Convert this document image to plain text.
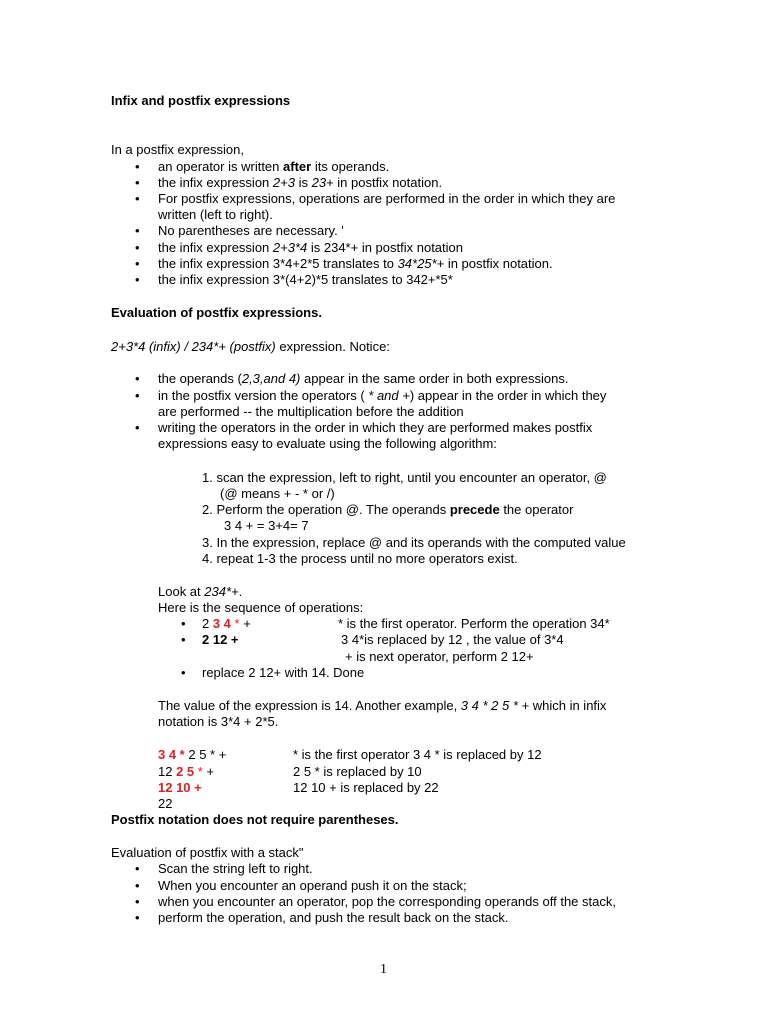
Infix and postfix expressions
In a postfix expression,
• an operator is written after its operands.
• the infix expression 2+3 is 23+ in postfix notation.
• For postfix expressions, operations are performed in the order in which they are
written (left to right).
• No parentheses are necessary. '
• the infix expression 2+3*4 is 234*+ in postfix notation
• the infix expression 3*4+2*5 translates to 34*25*+ in postfix notation.
• the infix expression 3*(4+2)*5 translates to 342+*5*
Evaluation of postfix expressions.
2+3*4 (infix) / 234*+ (postfix) expression. Notice:
• the operands (2,3,and 4) appear in the same order in both expressions.
• in the postfix version the operators ( * and +) appear in the order in which they
are performed -- the multiplication before the addition
• writing the operators in the order in which they are performed makes postfix
expressions easy to evaluate using the following algorithm:
1. scan the expression, left to right, until you encounter an operator, @
(@ means + - * or /)
2. Perform the operation @. The operands precede the operator
3 4 + = 3+4= 7
3. In the expression, replace @ and its operands with the computed value
4. repeat 1-3 the process until no more operators exist.
Look at 234*+.
Here is the sequence of operations:
• 2 3 4 * +	* is the first operator. Perform the operation 34*
• 2 12 +	3 4*is replaced by 12 , the value of 3*4
+ is next operator, perform 2 12+
• replace 2 12+ with 14. Done
The value of the expression is 14. Another example, 3 4 * 2 5 * + which in infix
notation is 3*4 + 2*5.
3 4 * 2 5 * +	* is the first operator 3 4 * is replaced by 12
12 2 5 * +	2 5 * is replaced by 10
12 10 +	12 10 + is replaced by 22
22
Postfix notation does not require parentheses.
Evaluation of postfix with a stack"
• Scan the string left to right.
• When you encounter an operand push it on the stack;
• when you encounter an operator, pop the corresponding operands off the stack,
• perform the operation, and push the result back on the stack.
1
